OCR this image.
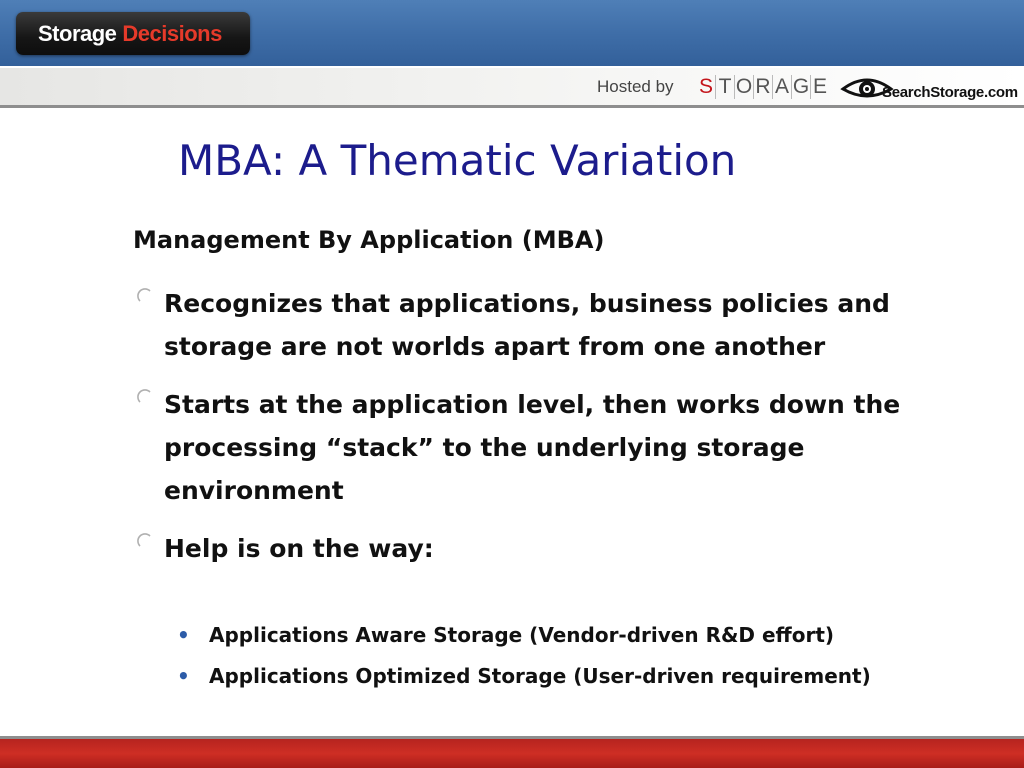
Storage Decisions
Hosted by S T O R A G E	SearchStorage.com
MBA: A Thematic Variation
Management By Application (MBA)
Recognizes that applications, business policies and storage are not worlds apart from one another
Starts at the application level, then works down the processing “stack” to the underlying storage environment
Help is on the way:
• Applications Aware Storage (Vendor-driven R&D effort)
• Applications Optimized Storage (User-driven requirement)
